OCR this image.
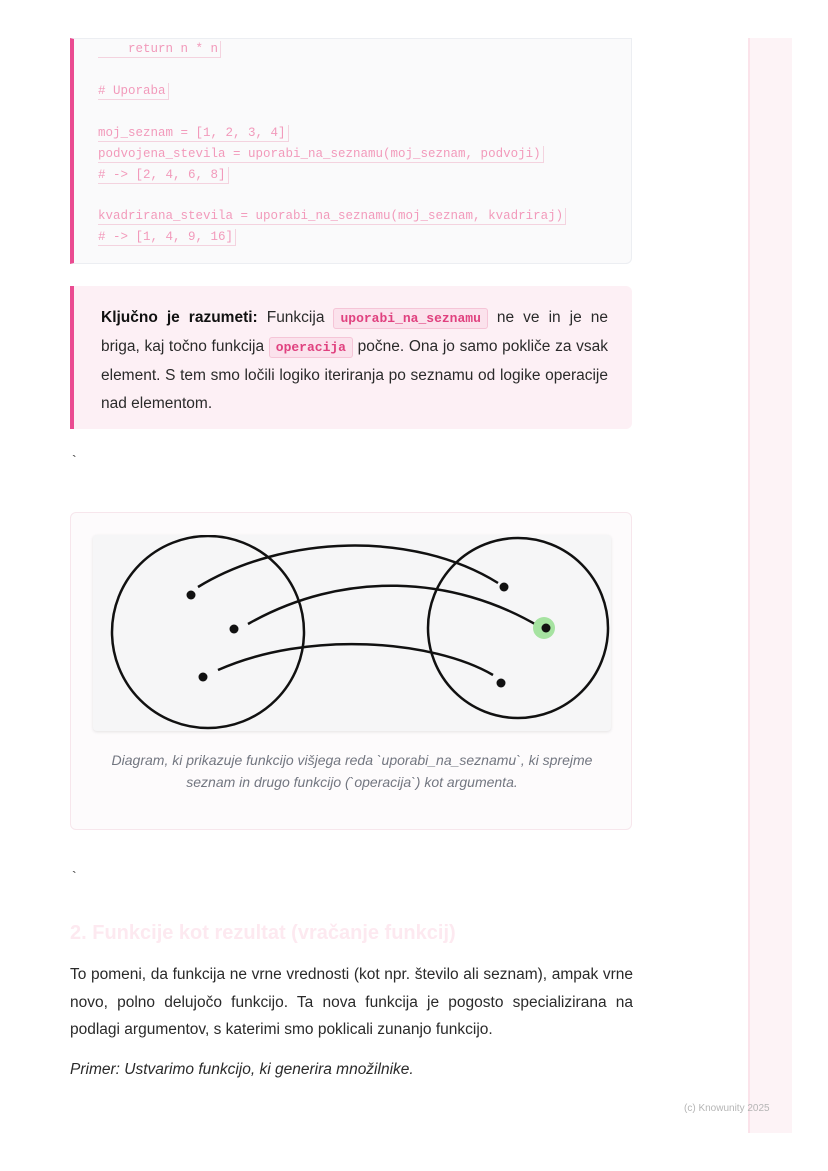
return n * n
# Uporaba
moj_seznam = [1, 2, 3, 4]
podvojena_stevila = uporabi_na_seznamu(moj_seznam, podvoji)
# -> [2, 4, 6, 8]
kvadrirana_stevila = uporabi_na_seznamu(moj_seznam, kvadriraj)
# -> [1, 4, 9, 16]
Ključno je razumeti: Funkcija uporabi_na_seznamu ne ve in je ne briga, kaj točno funkcija operacija počne. Ona jo samo pokliče za vsak element. S tem smo ločili logiko iteriranja po seznamu od logike operacije nad elementom.
`
Diagram, ki prikazuje funkcijo višjega reda `uporabi_na_seznamu`, ki sprejme seznam in drugo funkcijo (`operacija`) kot argumenta.
`
2. Funkcije kot rezultat (vračanje funkcij)

To pomeni, da funkcija ne vrne vrednosti (kot npr. število ali seznam), ampak vrne novo, polno delujočo funkcijo. Ta nova funkcija je pogosto specializirana na podlagi argumentov, s katerimi smo poklicali zunanjo funkcijo.

Primer: Ustvarimo funkcijo, ki generira množilnike.

(c) Knowunity 2025
